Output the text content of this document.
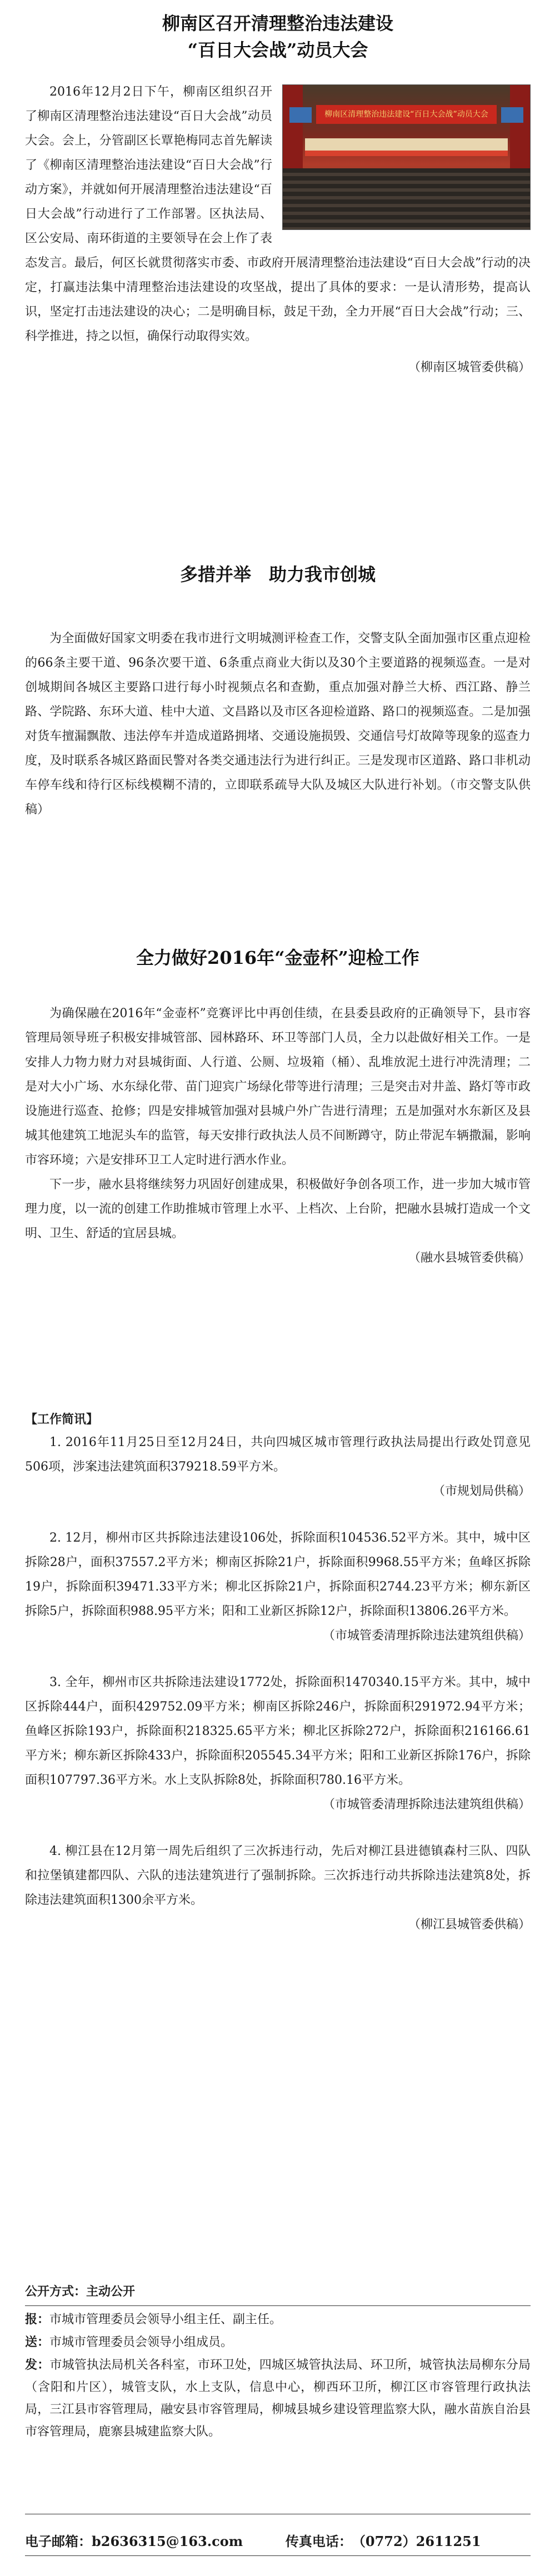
柳南区召开清理整治违法建设
“百日大会战”动员大会
柳南区清理整治违法建设“百日大会战”动员大会

2016年12月2日下午，柳南区组织召开了柳南区清理整治违法建设“百日大会战”动员大会。会上，分管副区长覃艳梅同志首先解读了《柳南区清理整治违法建设“百日大会战”行动方案》，并就如何开展清理整治违法建设“百日大会战”行动进行了工作部署。区执法局、区公安局、南环街道的主要领导在会上作了表态发言。最后，何区长就贯彻落实市委、市政府开展清理整治违法建设“百日大会战”行动的决定，打赢违法集中清理整治违法建设的攻坚战，提出了具体的要求：一是认清形势，提高认识，坚定打击违法建设的决心；二是明确目标，鼓足干劲，全力开展“百日大会战”行动；三、科学推进，持之以恒，确保行动取得实效。

（柳南区城管委供稿）

多措并举　助力我市创城

为全面做好国家文明委在我市进行文明城测评检查工作，交警支队全面加强市区重点迎检的66条主要干道、96条次要干道、6条重点商业大街以及30个主要道路的视频巡查。一是对创城期间各城区主要路口进行每小时视频点名和查勤，重点加强对静兰大桥、西江路、静兰路、学院路、东环大道、桂中大道、文昌路以及市区各迎检道路、路口的视频巡查。二是加强对货车擅漏飘散、违法停车并造成道路拥堵、交通设施损毁、交通信号灯故障等现象的巡查力度，及时联系各城区路面民警对各类交通违法行为进行纠正。三是发现市区道路、路口非机动车停车线和待行区标线模糊不清的，立即联系疏导大队及城区大队进行补划。（市交警支队供稿）

全力做好2016年“金壶杯”迎检工作

为确保融在2016年“金壶杯”竞赛评比中再创佳绩，在县委县政府的正确领导下，县市容管理局领导班子积极安排城管部、园林路环、环卫等部门人员，全力以赴做好相关工作。一是安排人力物力财力对县城街面、人行道、公厕、垃圾箱（桶）、乱堆放泥土进行冲洗清理；二是对大小广场、水东绿化带、苗门迎宾广场绿化带等进行清理；三是突击对井盖、路灯等市政设施进行巡查、抢修；四是安排城管加强对县城户外广告进行清理；五是加强对水东新区及县城其他建筑工地泥头车的监管，每天安排行政执法人员不间断蹲守，防止带泥车辆撒漏，影响市容环境；六是安排环卫工人定时进行洒水作业。

下一步，融水县将继续努力巩固好创建成果，积极做好争创各项工作，进一步加大城市管理力度，以一流的创建工作助推城市管理上水平、上档次、上台阶，把融水县城打造成一个文明、卫生、舒适的宜居县城。

（融水县城管委供稿）

【工作简讯】

1. 2016年11月25日至12月24日，共向四城区城市管理行政执法局提出行政处罚意见506项，涉案违法建筑面积379218.59平方米。

（市规划局供稿）

2. 12月，柳州市区共拆除违法建设106处，拆除面积104536.52平方米。其中，城中区拆除28户，面积37557.2平方米；柳南区拆除21户，拆除面积9968.55平方米；鱼峰区拆除19户，拆除面积39471.33平方米；柳北区拆除21户，拆除面积2744.23平方米；柳东新区拆除5户，拆除面积988.95平方米；阳和工业新区拆除12户，拆除面积13806.26平方米。

（市城管委清理拆除违法建筑组供稿）

3. 全年，柳州市区共拆除违法建设1772处，拆除面积1470340.15平方米。其中，城中区拆除444户，面积429752.09平方米；柳南区拆除246户，拆除面积291972.94平方米；鱼峰区拆除193户，拆除面积218325.65平方米；柳北区拆除272户，拆除面积216166.61平方米；柳东新区拆除433户，拆除面积205545.34平方米；阳和工业新区拆除176户，拆除面积107797.36平方米。水上支队拆除8处，拆除面积780.16平方米。

（市城管委清理拆除违法建筑组供稿）

4. 柳江县在12月第一周先后组织了三次拆违行动，先后对柳江县进德镇森村三队、四队和拉堡镇建都四队、六队的违法建筑进行了强制拆除。三次拆违行动共拆除违法建筑8处，拆除违法建筑面积1300余平方米。

（柳江县城管委供稿）

公开方式：主动公开

报：市城市管理委员会领导小组主任、副主任。

送：市城市管理委员会领导小组成员。

发：市城管执法局机关各科室，市环卫处，四城区城管执法局、环卫所，城管执法局柳东分局（含阳和片区），城管支队，水上支队，信息中心，柳西环卫所，柳江区市容管理行政执法局，三江县市容管理局，融安县市容管理局，柳城县城乡建设管理监察大队，融水苗族自治县市容管理局，鹿寨县城建监察大队。

电子邮箱：b2636315@163.com	传真电话：（0772）2611251
